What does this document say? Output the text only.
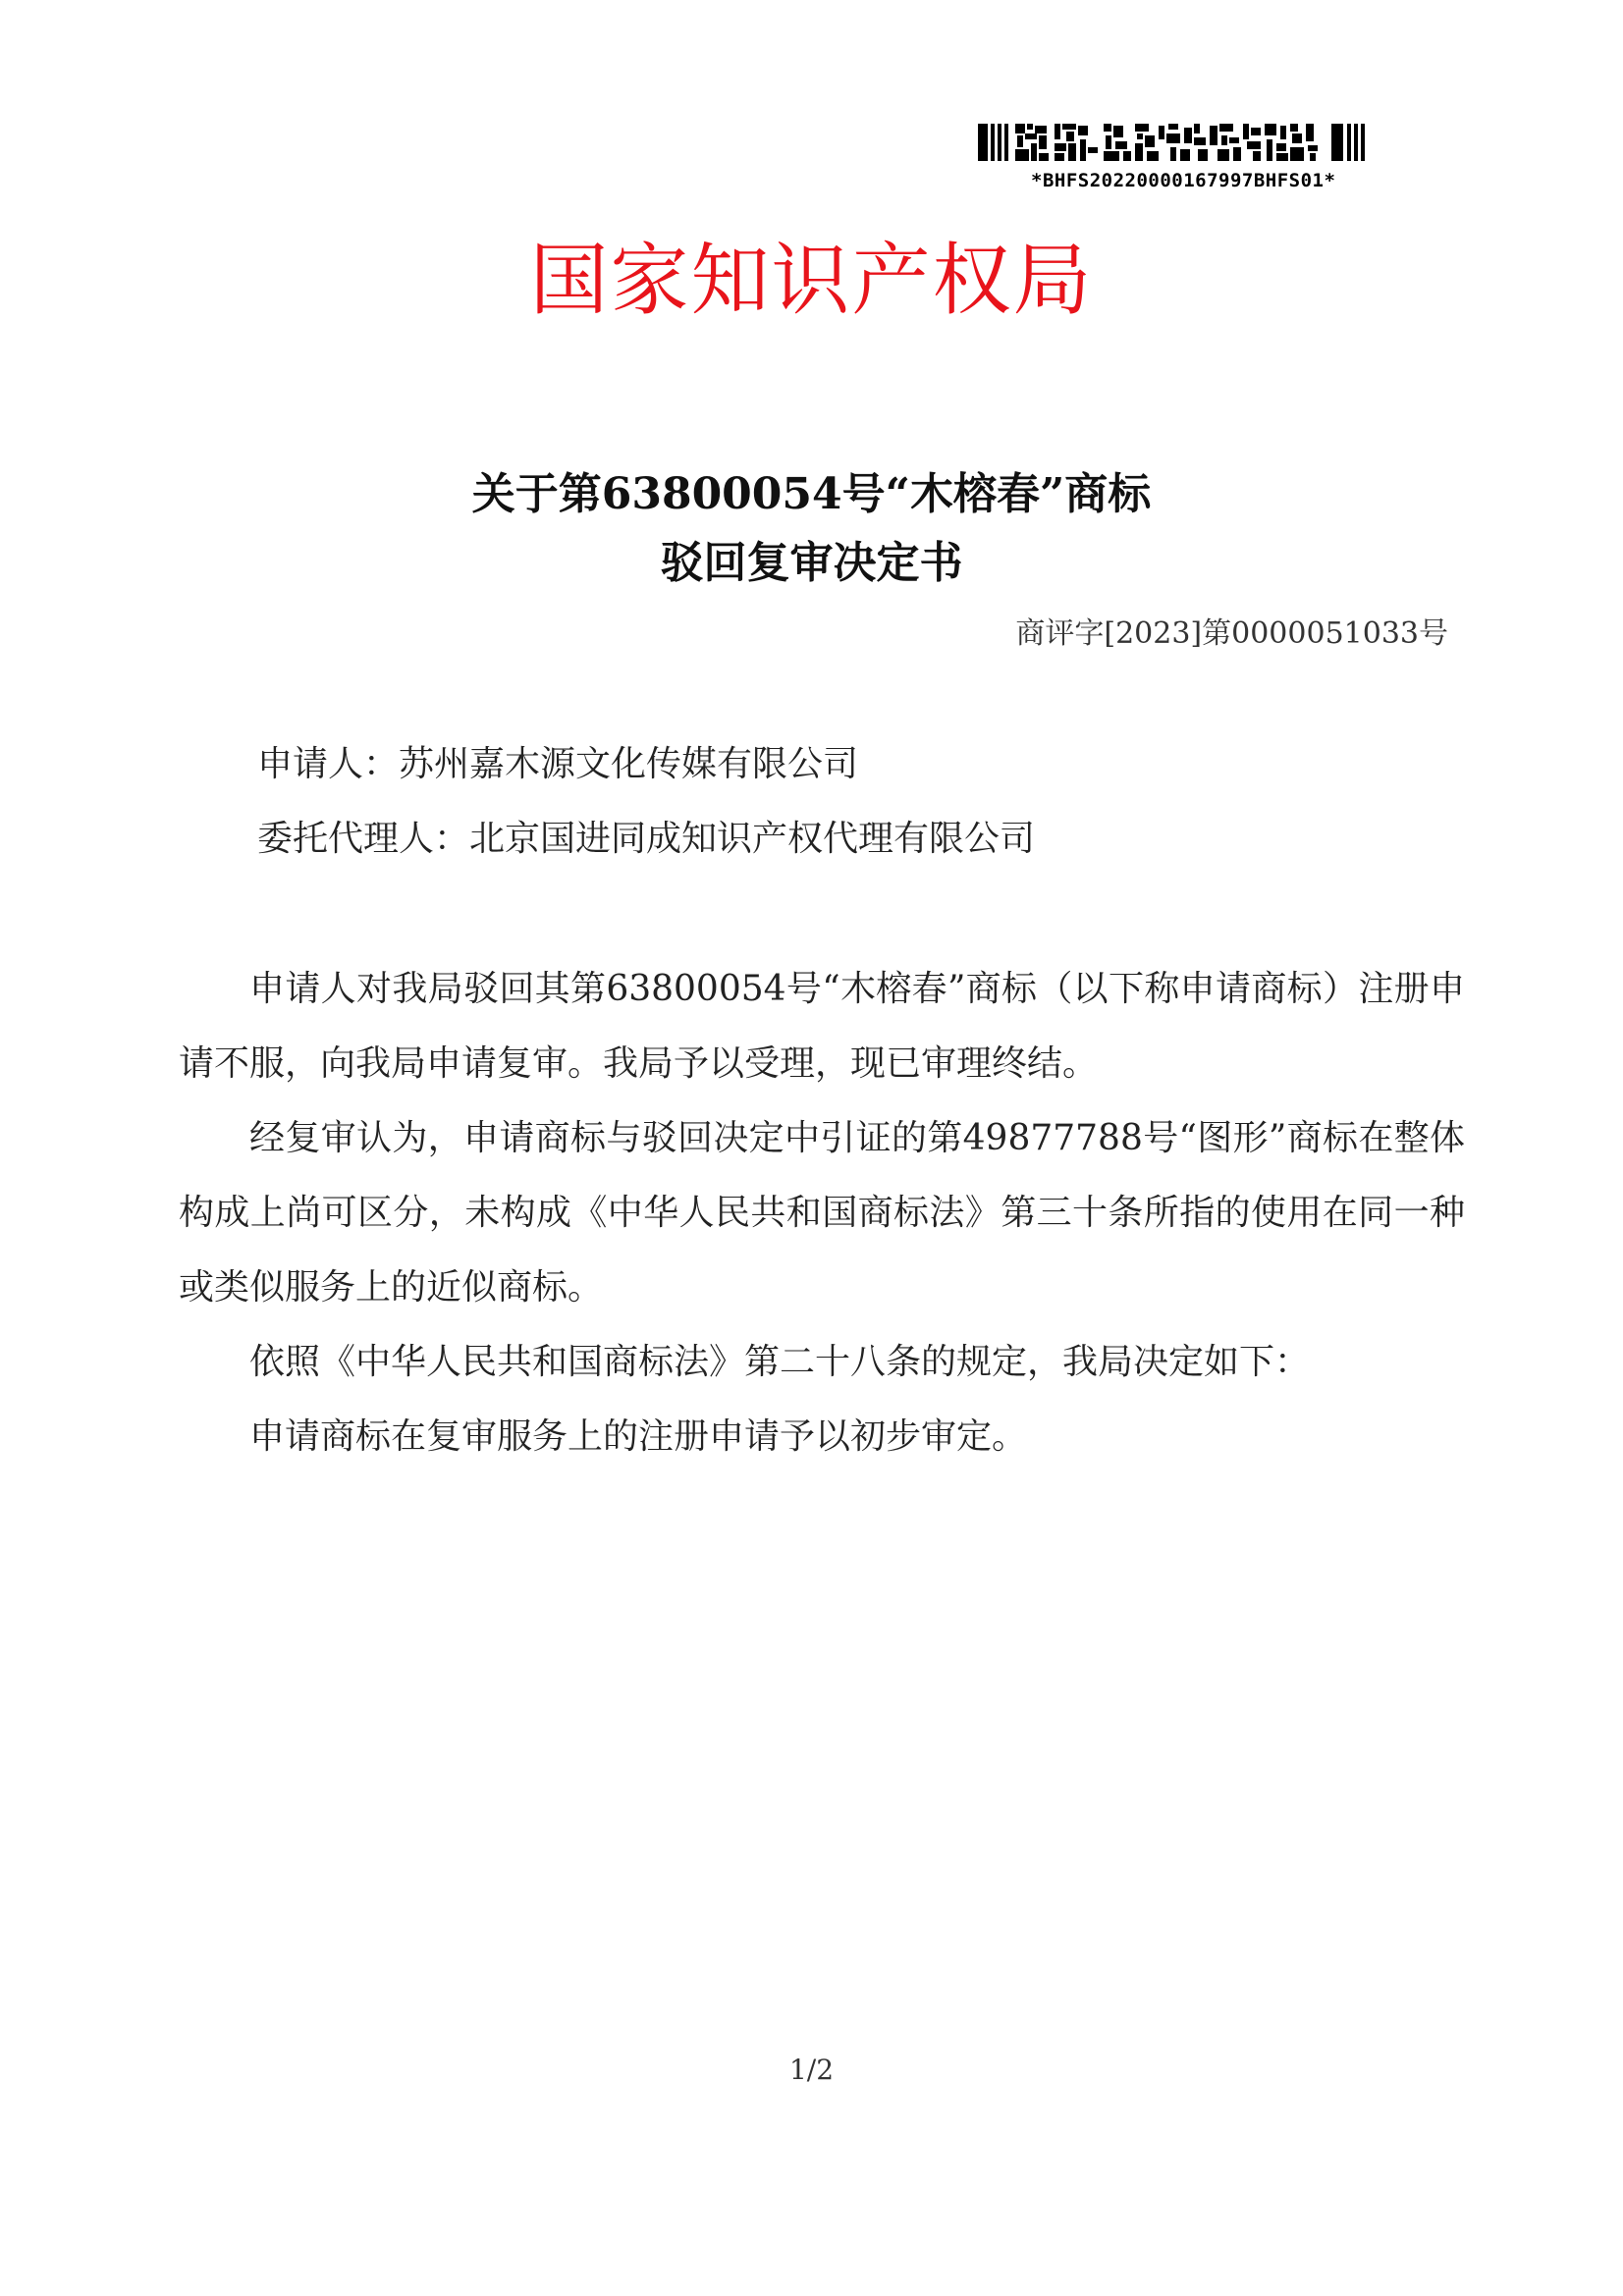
*BHFS20220000167997BHFS01*
国家知识产权局
关于第63800054号“木榕春”商标
驳回复审决定书
商评字[2023]第0000051033号
申请人：苏州嘉木源文化传媒有限公司
委托代理人：北京国进同成知识产权代理有限公司

申请人对我局驳回其第63800054号“木榕春”商标（以下称申请商标）注册申请不服，向我局申请复审。我局予以受理，现已审理终结。

经复审认为，申请商标与驳回决定中引证的第49877788号“图形”商标在整体构成上尚可区分，未构成《中华人民共和国商标法》第三十条所指的使用在同一种或类似服务上的近似商标。

依照《中华人民共和国商标法》第二十八条的规定，我局决定如下：

申请商标在复审服务上的注册申请予以初步审定。

1/2
